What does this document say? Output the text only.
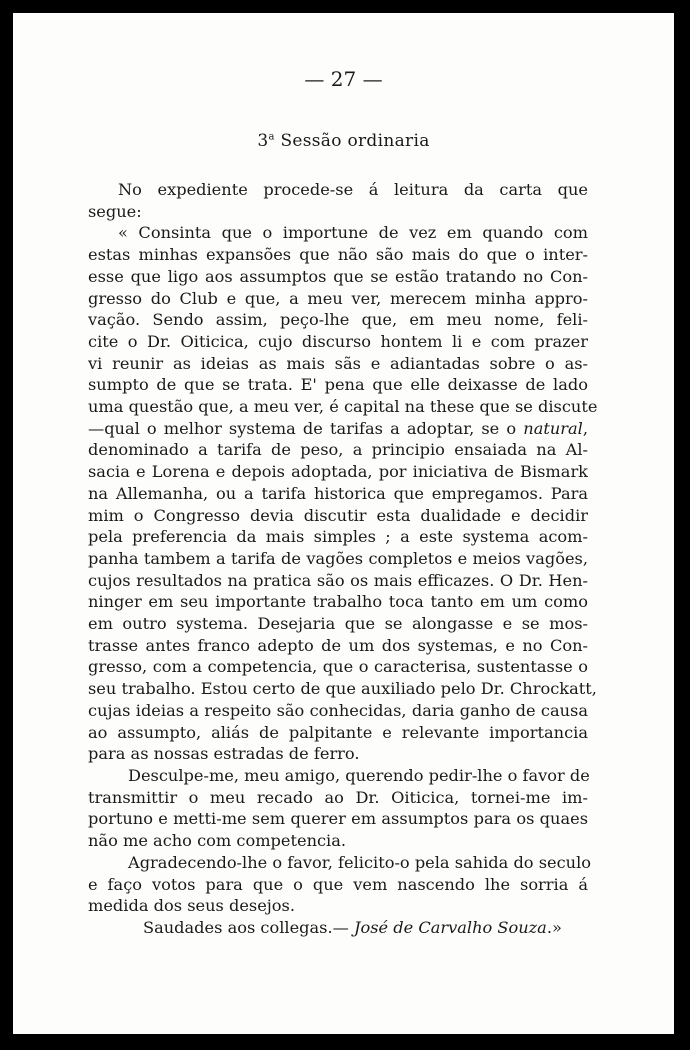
— 27 —
3$^a$ Sessão ordinaria
No expediente procede-se á leitura da carta que
segue:
« Consinta que o importune de vez em quando com
estas minhas expansões que não são mais do que o inter-
esse que ligo aos assumptos que se estão tratando no Con-
gresso do Club e que, a meu ver, merecem minha appro-
vação. Sendo assim, peço-lhe que, em meu nome, feli-
cite o Dr. Oiticica, cujo discurso hontem li e com prazer
vi reunir as ideias as mais sãs e adiantadas sobre o as-
sumpto de que se trata. E' pena que elle deixasse de lado
uma questão que, a meu ver, é capital na these que se discute
—qual o melhor systema de tarifas a adoptar, se o natural,
denominado a tarifa de peso, a principio ensaiada na Al-
sacia e Lorena e depois adoptada, por iniciativa de Bismark
na Allemanha, ou a tarifa historica que empregamos. Para
mim o Congresso devia discutir esta dualidade e decidir
pela preferencia da mais simples ; a este systema acom-
panha tambem a tarifa de vagões completos e meios vagões,
cujos resultados na pratica são os mais efficazes. O Dr. Hen-
ninger em seu importante trabalho toca tanto em um como
em outro systema. Desejaria que se alongasse e se mos-
trasse antes franco adepto de um dos systemas, e no Con-
gresso, com a competencia, que o caracterisa, sustentasse o
seu trabalho. Estou certo de que auxiliado pelo Dr. Chrockatt,
cujas ideias a respeito são conhecidas, daria ganho de causa
ao assumpto, aliás de palpitante e relevante importancia
para as nossas estradas de ferro.
Desculpe-me, meu amigo, querendo pedir-lhe o favor de
transmittir o meu recado ao Dr. Oiticica, tornei-me im-
portuno e metti-me sem querer em assumptos para os quaes
não me acho com competencia.
Agradecendo-lhe o favor, felicito-o pela sahida do seculo
e faço votos para que o que vem nascendo lhe sorria á
medida dos seus desejos.
Saudades aos collegas.— José de Carvalho Souza.»
